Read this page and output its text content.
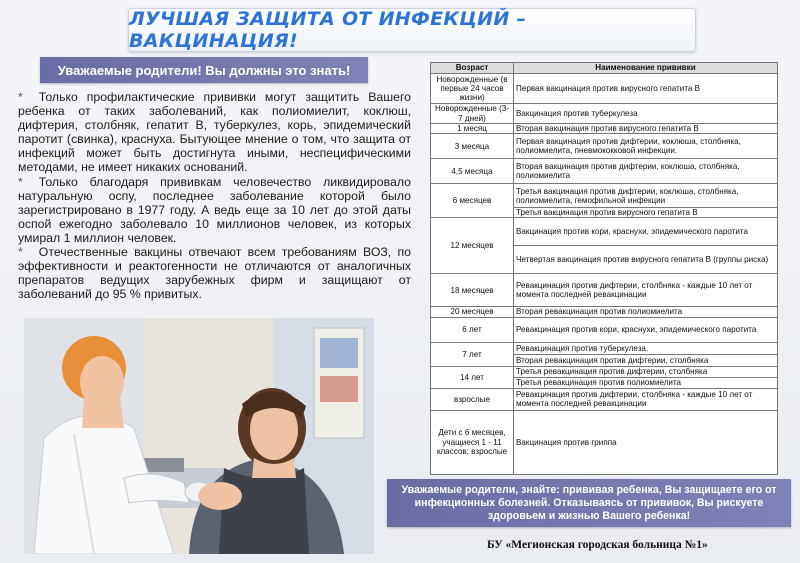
ЛУЧШАЯ ЗАЩИТА ОТ ИНФЕКЦИЙ – ВАКЦИНАЦИЯ!
Уважаемые родители! Вы должны это знать!

* Только профилактические прививки могут защитить Вашего ребенка от таких заболеваний, как полиомиелит, коклюш, дифтерия, столбняк, гепатит В, туберкулез, корь, эпидемический паротит (свинка), краснуха. Бытующее мнение о том, что защита от инфекций может быть достигнута иными, неспецифическими методами, не имеет никаких оснований.

* Только благодаря прививкам человечество ликвидировало натуральную оспу, последнее заболевание которой было зарегистрировано в 1977 году. А ведь еще за 10 лет до этой даты оспой ежегодно заболевало 10 миллионов человек, из которых умирал 1 миллион человек.

* Отечественные вакцины отвечают всем требованиям ВОЗ, по эффективности и реактогенности не отличаются от аналогичных препаратов ведущих зарубежных фирм и защищают от заболеваний до 95 % привитых.

Возраст	Наименование прививки
Новорожденные (в первые 24 часов жизни)	Первая вакцинация против вирусного гепатита В
Новорожденные (3-7 дней)	Вакцинация против туберкулеза
1 месяц	Вторая вакцинация против вирусного гепатита В
3 месяца	Первая вакцинация против дифтерии, коклюша, столбняка, полиомиелита, пневмококковой инфекции.
4,5 месяца	Вторая вакцинация против дифтерии, коклюша, столбняка, полиомиелита
6 месяцев	Третья вакцинация против дифтерии, коклюша, столбняка, полиомиелита, гемофильной инфекции
	Третья вакцинация против вирусного гепатита В
12 месяцев	Вакцинация против кори, краснухи, эпидемического паротита
	Четвертая вакцинация против вирусного гепатита В (группы риска)
18 месяцев	Ревакцинация против дифтерии, столбняка - каждые 10 лет от момента последней ревакцинации
20 месяцев	Вторая ревакцинация против полиомиелита
6 лет	Ревакцинация против кори, краснухи, эпидемического паротита
7 лет	Ревакцинация против туберкулеза.
	Вторая ревакцинация против дифтерии, столбняка
14 лет	Третья ревакцинация против дифтерии, столбняка
	Третья ревакцинация против полиомиелита
взрослые	Ревакцинация против дифтерии, столбняка - каждые 10 лет от момента последней ревакцинации
Дети с 6 месяцев, учащиеся 1 - 11 классов; взрослые	Вакцинация против гриппа
Уважаемые родители, знайте: прививая ребенка, Вы защищаете его от инфекционных болезней. Отказываясь от прививок, Вы рискуете здоровьем и жизнью Вашего ребенка!
БУ «Мегионская городская больница №1»
